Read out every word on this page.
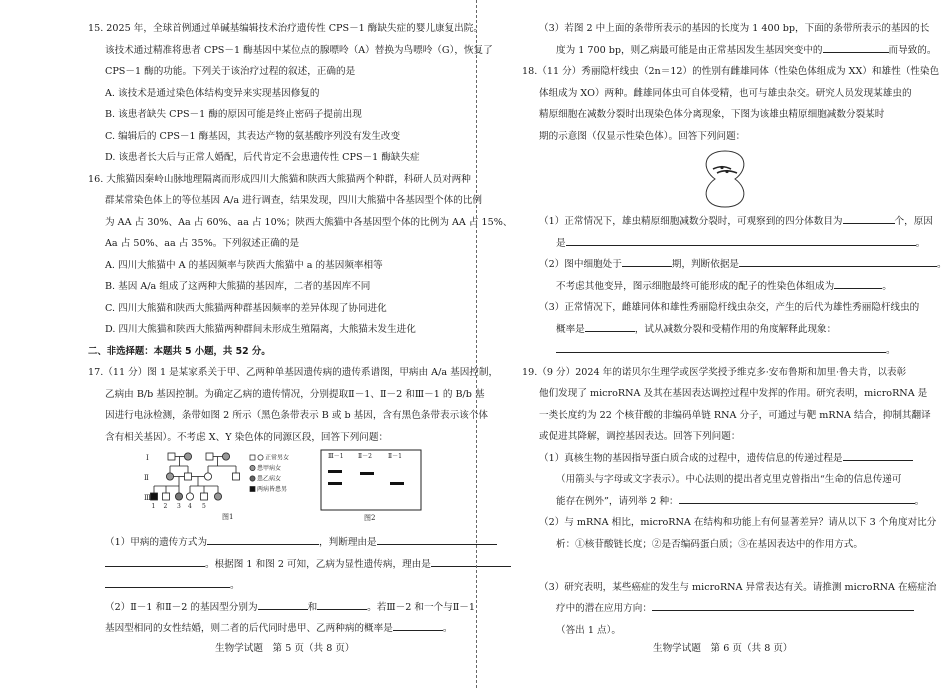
15. 2025 年，全球首例通过单碱基编辑技术治疗遗传性 CPS－1 酶缺失症的婴儿康复出院。

该技术通过精准将患者 CPS－1 酶基因中某位点的腺嘌呤（A）替换为鸟嘌呤（G），恢复了

CPS－1 酶的功能。下列关于该治疗过程的叙述，正确的是

A. 该技术是通过染色体结构变异来实现基因修复的

B. 该患者缺失 CPS－1 酶的原因可能是终止密码子提前出现

C. 编辑后的 CPS－1 酶基因，其表达产物的氨基酸序列没有发生改变

D. 该患者长大后与正常人婚配，后代肯定不会患遗传性 CPS－1 酶缺失症

16. 大熊猫因秦岭山脉地理隔离而形成四川大熊猫和陕西大熊猫两个种群，科研人员对两种

群某常染色体上的等位基因 A/a 进行调查，结果发现，四川大熊猫中各基因型个体的比例

为 AA 占 30%、Aa 占 60%、aa 占 10%；陕西大熊猫中各基因型个体的比例为 AA 占 15%、

Aa 占 50%、aa 占 35%。下列叙述正确的是

A. 四川大熊猫中 A 的基因频率与陕西大熊猫中 a 的基因频率相等

B. 基因 A/a 组成了这两种大熊猫的基因库，二者的基因库不同

C. 四川大熊猫和陕西大熊猫两种群基因频率的差异体现了协同进化

D. 四川大熊猫和陕西大熊猫两种群间未形成生殖隔离，大熊猫未发生进化

二、非选择题：本题共 5 小题，共 52 分。

17.（11 分）图 1 是某家系关于甲、乙两种单基因遗传病的遗传系谱图，甲病由 A/a 基因控制，

乙病由 B/b 基因控制。为确定乙病的遗传情况，分别提取Ⅱ－1、Ⅱ－2 和Ⅲ－1 的 B/b 基

因进行电泳检测，条带如图 2 所示（黑色条带表示 B 或 b 基因，含有黑色条带表示该个体

含有相关基因）。不考虑 X、Y 染色体的同源区段，回答下列问题：

Ⅰ
Ⅱ
Ⅲ
1 2 3 4 5
正常男女
患甲病女
患乙病女
两病皆患男
图1
Ⅲ－1 Ⅱ－2	Ⅱ－1
图2

（1）甲病的遗传方式为	，判断理由是

。根据图 1 和图 2 可知，乙病为显性遗传病，理由是

。

（2）Ⅱ－1 和Ⅱ－2 的基因型分别为	和	。若Ⅲ－2 和一个与Ⅱ－1

基因型相同的女性结婚，则二者的后代同时患甲、乙两种病的概率是	。

（3）若图 2 中上面的条带所表示的基因的长度为 1 400 bp，下面的条带所表示的基因的长

度为 1 700 bp，则乙病最可能是由正常基因发生基因突变中的	而导致的。

18.（11 分）秀丽隐杆线虫（2n＝12）的性别有雌雄同体（性染色体组成为 XX）和雄性（性染色

体组成为 XO）两种。雌雄同体虫可自体受精，也可与雄虫杂交。研究人员发现某雄虫的

精原细胞在减数分裂时出现染色体分离现象，下图为该雄虫精原细胞减数分裂某时

期的示意图（仅显示性染色体）。回答下列问题：

（1）正常情况下，雄虫精原细胞减数分裂时，可观察到的四分体数目为	个，原因

是	。

（2）图中细胞处于	期，判断依据是	。

不考虑其他变异，图示细胞最终可能形成的配子的性染色体组成为	。

（3）正常情况下，雌雄同体和雄性秀丽隐杆线虫杂交，产生的后代为雄性秀丽隐杆线虫的

概率是	，试从减数分裂和受精作用的角度解释此现象：

。

19.（9 分）2024 年的诺贝尔生理学或医学奖授予维克多·安布鲁斯和加里·鲁夫肯，以表彰

他们发现了 microRNA 及其在基因表达调控过程中发挥的作用。研究表明，microRNA 是

一类长度约为 22 个核苷酸的非编码单链 RNA 分子，可通过与靶 mRNA 结合，抑制其翻译

或促进其降解，调控基因表达。回答下列问题：

（1）真核生物的基因指导蛋白质合成的过程中，遗传信息的传递过程是

（用箭头与字母或文字表示）。中心法则的提出者克里克曾指出“生命的信息传递可

能存在例外”，请列举 2 种：	。

（2）与 mRNA 相比，microRNA 在结构和功能上有何显著差异？请从以下 3 个角度对比分

析：①核苷酸链长度；②是否编码蛋白质；③在基因表达中的作用方式。

（3）研究表明，某些癌症的发生与 microRNA 异常表达有关。请推测 microRNA 在癌症治

疗中的潜在应用方向：

（答出 1 点）。

生物学试题　第 5 页（共 8 页）	生物学试题　第 6 页（共 8 页）
